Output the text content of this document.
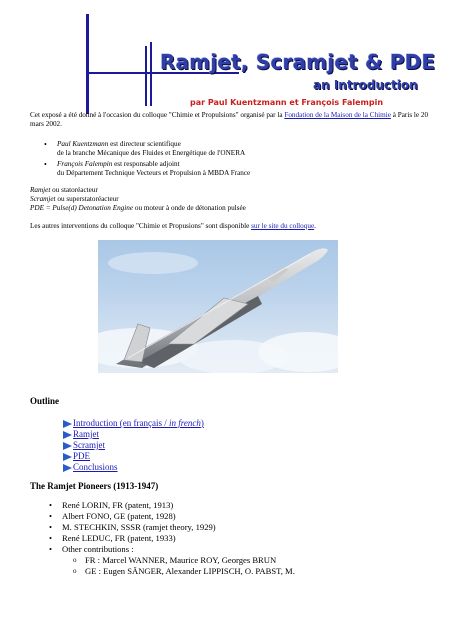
Ramjet, Scramjet & PDE
an Introduction
par Paul Kuentzmann et François Falempin
Cet exposé a été donné à l'occasion du colloque "Chimie et Propulsions" organisé par la Fondation de la Maison de la Chimie à Paris le 20 mars 2002.
• Paul Kuentzmann est directeur scientifique
de la branche Mécanique des Fluides et Energétique de l'ONERA
• François Falempin est responsable adjoint
du Département Technique Vecteurs et Propulsion à MBDA France
Ramjet ou statoréacteur
Scramjet ou superstatoréacteur
PDE = Pulse(d) Detonation Engine ou moteur à onde de détonation pulsée
Les autres interventions du colloque "Chimie et Propusions" sont disponible sur le site du colloque.
Outline
Introduction (en français / in french)
Ramjet
Scramjet
PDE
Conclusions
The Ramjet Pioneers (1913-1947)
• René LORIN, FR (patent, 1913)
• Albert FONO, GE (patent, 1928)
• M. STECHKIN, SSSR (ramjet theory, 1929)
• René LEDUC, FR (patent, 1933)
• Other contributions :
o FR : Marcel WANNER, Maurice ROY, Georges BRUN
o GE : Eugen SÄNGER, Alexander LIPPISCH, O. PABST, M.
